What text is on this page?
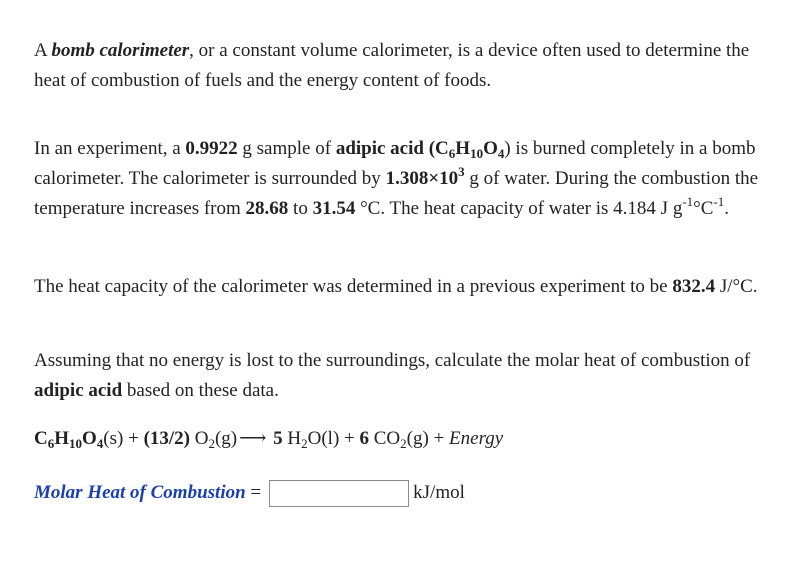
A bomb calorimeter, or a constant volume calorimeter, is a device often used to determine the heat of combustion of fuels and the energy content of foods.

In an experiment, a 0.9922 g sample of adipic acid $(C_6H_{10}O_4)$ is burned completely in a bomb calorimeter. The calorimeter is surrounded by $1.308\times 10^3$ g of water. During the combustion the temperature increases from 28.68 to 31.54 °C. The heat capacity of water is 4.184 J $g^{-1}^\circ C^{-1}$.

The heat capacity of the calorimeter was determined in a previous experiment to be 832.4 J/°C.

Assuming that no energy is lost to the surroundings, calculate the molar heat of combustion of adipic acid based on these data.

$C_6H_{10}O_4(s) + (13/2)$ $O_2(g)$ ⟶ 5 $H_2O(l) + 6$ $CO_2(g)$ + Energy

Molar Heat of Combustion =	kJ/mol
